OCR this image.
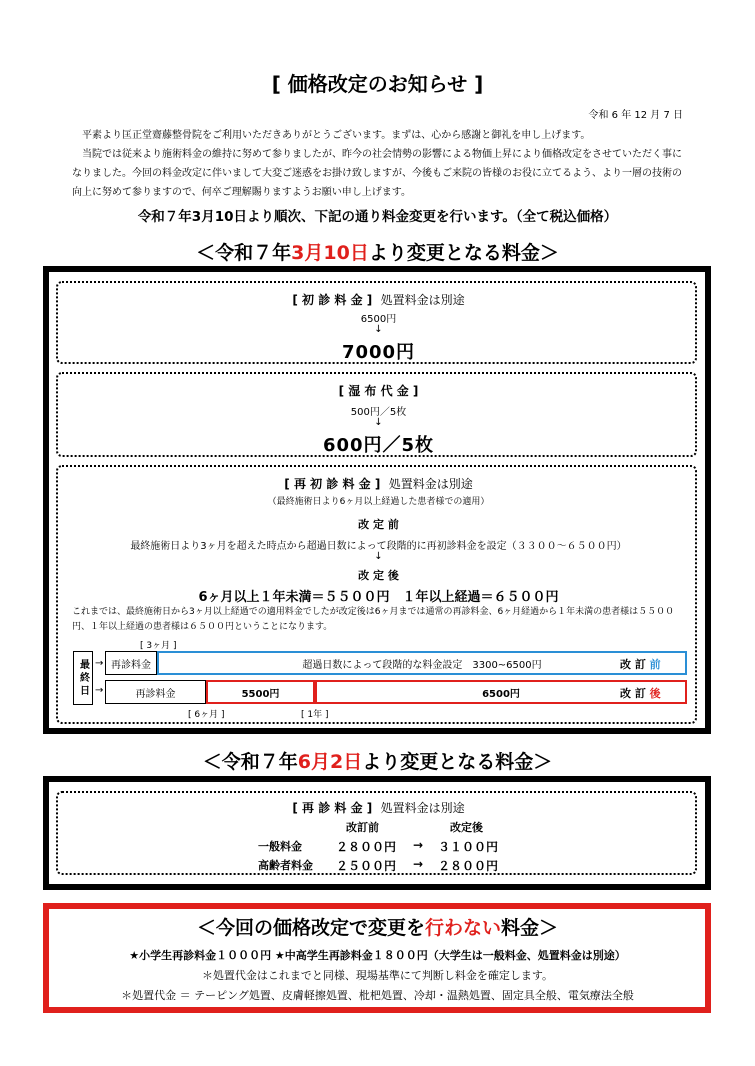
[ 価格改定のお知らせ ]
令和 6 年 12 月 7 日

平素より匡正堂齋藤整骨院をご利用いただきありがとうございます。まずは、心から感謝と御礼を申し上げます。

当院では従来より施術料金の維持に努めて参りましたが、昨今の社会情勢の影響による物価上昇により価格改定をさせていただく事になりました。今回の料金改定に伴いまして大変ご迷惑をお掛け致しますが、今後もご来院の皆様のお役に立てるよう、より一層の技術の向上に努めて参りますので、何卒ご理解賜りますようお願い申し上げます。

令和７年3月10日より順次、下記の通り料金変更を行います。（全て税込価格）
＜令和７年3月10日より変更となる料金＞
[ 初 診 料 金 ] 処置料金は別途
6500円
↓
7000円
[ 湿 布 代 金 ]
500円／5枚
↓
600円／5枚
[ 再 初 診 料 金 ] 処置料金は別途
（最終施術日より6ヶ月以上経過した患者様での適用）
改 定 前
最終施術日より3ヶ月を超えた時点から超過日数によって段階的に再初診料金を設定（３３００～６５００円）
↓
改 定 後
6ヶ月以上１年未満＝５５００円　１年以上経過＝６５００円
これまでは、最終施術日から3ヶ月以上経過での適用料金でしたが改定後は6ヶ月までは通常の再診料金、6ヶ月経過から１年未満の患者様は５５００円、１年以上経過の患者様は６５００円ということになります。
[ 3ヶ月 ]
[ 6ヶ月 ]	[ 1年 ]
最終日 →
→
再診料金	超過日数によって段階的な料金設定　3300~6500円	改 訂 前
再診料金	5500円	6500円	改 訂 後
＜令和７年6月2日より変更となる料金＞
[ 再 診 料 金 ] 処置料金は別途
改訂前	改定後
一般料金	２８００円 → ３１００円
高齢者料金 ２５００円 → ２８００円
＜今回の価格改定で変更を行わない料金＞
★小学生再診料金１０００円 ★中高学生再診料金１８００円（大学生は一般料金、処置料金は別途）
＊処置代金はこれまでと同様、現場基準にて判断し料金を確定します。
＊処置代金 ＝ テーピング処置、皮膚軽擦処置、枇杷処置、冷却・温熱処置、固定具全般、電気療法全般
